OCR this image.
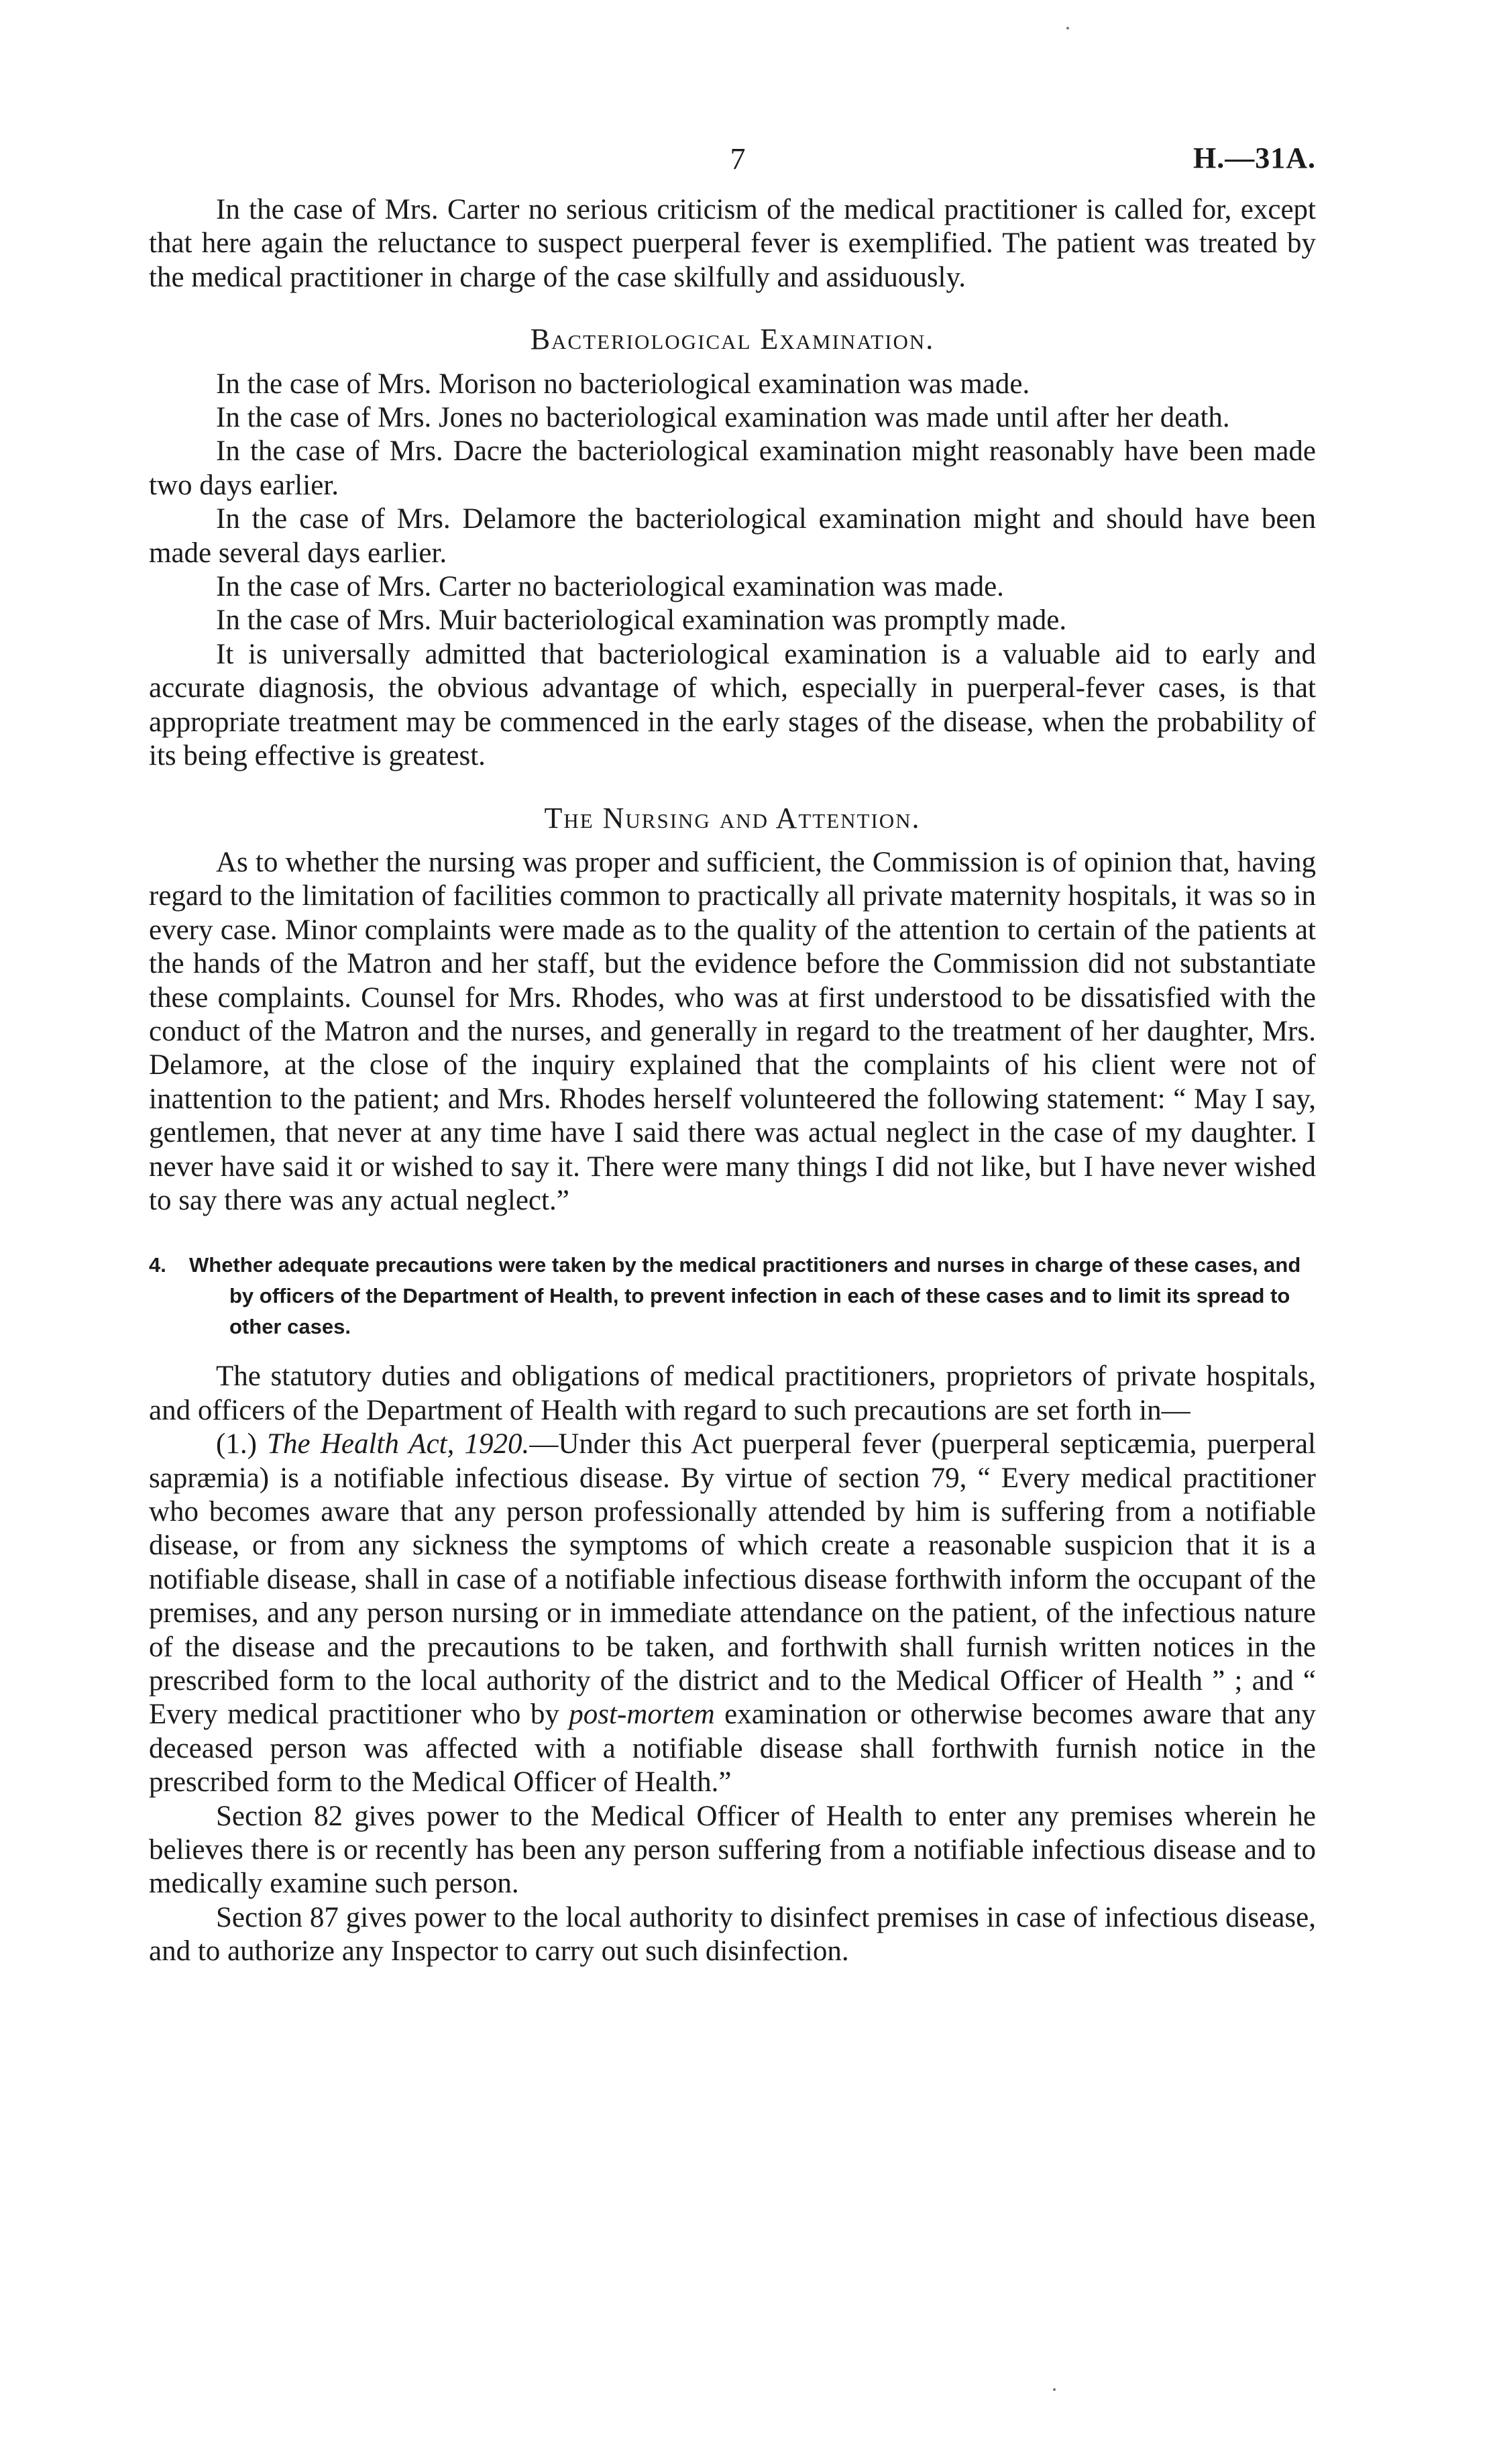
7	H.—31A.

In the case of Mrs. Carter no serious criticism of the medical practitioner is called for, except that here again the reluctance to suspect puerperal fever is exemplified. The patient was treated by the medical practitioner in charge of the case skilfully and assiduously.

Bacteriological Examination.

In the case of Mrs. Morison no bacteriological examination was made.

In the case of Mrs. Jones no bacteriological examination was made until after her death.

In the case of Mrs. Dacre the bacteriological examination might reasonably have been made two days earlier.

In the case of Mrs. Delamore the bacteriological examination might and should have been made several days earlier.

In the case of Mrs. Carter no bacteriological examination was made.

In the case of Mrs. Muir bacteriological examination was promptly made.

It is universally admitted that bacteriological examination is a valuable aid to early and accurate diagnosis, the obvious advantage of which, especially in puerperal-fever cases, is that appropriate treatment may be commenced in the early stages of the disease, when the probability of its being effective is greatest.

The Nursing and Attention.

As to whether the nursing was proper and sufficient, the Commission is of opinion that, having regard to the limitation of facilities common to practically all private maternity hospitals, it was so in every case. Minor complaints were made as to the quality of the attention to certain of the patients at the hands of the Matron and her staff, but the evidence before the Commission did not substantiate these complaints. Counsel for Mrs. Rhodes, who was at first understood to be dissatisfied with the conduct of the Matron and the nurses, and generally in regard to the treatment of her daughter, Mrs. Delamore, at the close of the inquiry explained that the complaints of his client were not of inattention to the patient; and Mrs. Rhodes herself volunteered the following statement: “ May I say, gentlemen, that never at any time have I said there was actual neglect in the case of my daughter. I never have said it or wished to say it. There were many things I did not like, but I have never wished to say there was any actual neglect.”

4. Whether adequate precautions were taken by the medical practitioners and nurses in charge of these cases, and by officers of the Department of Health, to prevent infection in each of these cases and to limit its spread to other cases.

The statutory duties and obligations of medical practitioners, proprietors of private hospitals, and officers of the Department of Health with regard to such precautions are set forth in—

(1.) The Health Act, 1920.—Under this Act puerperal fever (puerperal septicæmia, puerperal sapræmia) is a notifiable infectious disease. By virtue of section 79, “ Every medical practitioner who becomes aware that any person professionally attended by him is suffering from a notifiable disease, or from any sickness the symptoms of which create a reasonable suspicion that it is a notifiable disease, shall in case of a notifiable infectious disease forthwith inform the occupant of the premises, and any person nursing or in immediate attendance on the patient, of the infectious nature of the disease and the precautions to be taken, and forthwith shall furnish written notices in the prescribed form to the local authority of the district and to the Medical Officer of Health ” ; and “ Every medical practitioner who by post-mortem examination or otherwise becomes aware that any deceased person was affected with a notifiable disease shall forthwith furnish notice in the prescribed form to the Medical Officer of Health.”

Section 82 gives power to the Medical Officer of Health to enter any premises wherein he believes there is or recently has been any person suffering from a notifiable infectious disease and to medically examine such person.

Section 87 gives power to the local authority to disinfect premises in case of infectious disease, and to authorize any Inspector to carry out such disinfection.
